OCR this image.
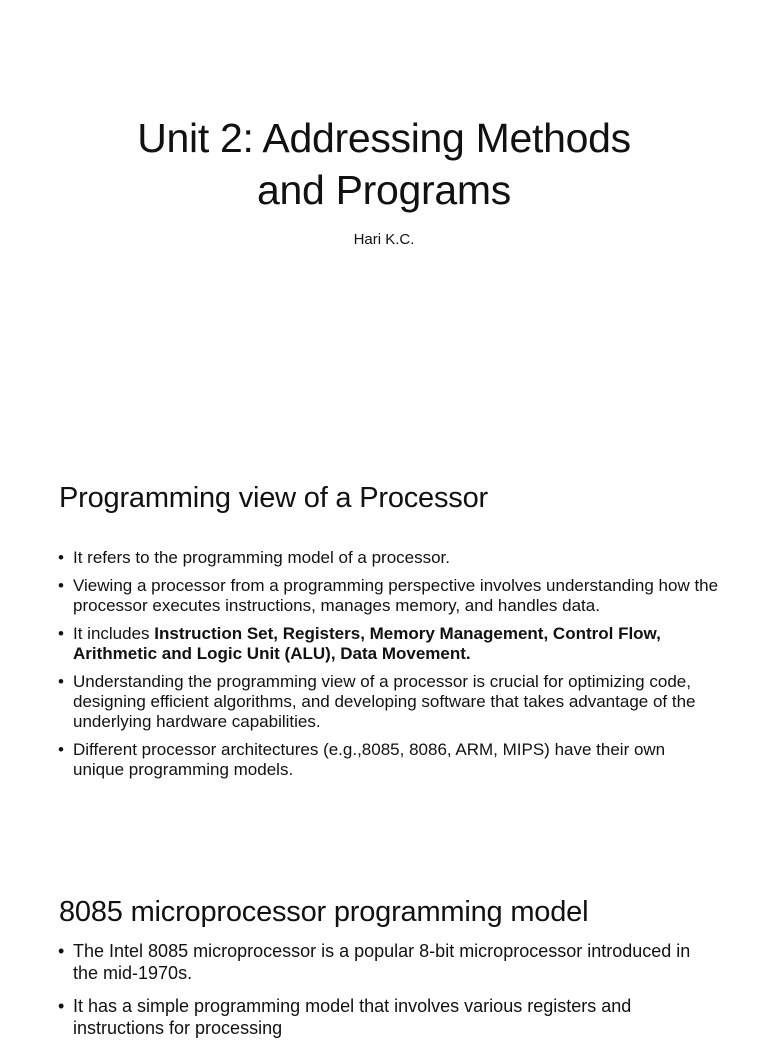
Unit 2: Addressing Methods
and Programs

Hari K.C.

Programming view of a Processor
• It refers to the programming model of a processor.
• Viewing a processor from a programming perspective involves understanding how the processor executes instructions, manages memory, and handles data.
• It includes Instruction Set, Registers, Memory Management, Control Flow, Arithmetic and Logic Unit (ALU), Data Movement.
• Understanding the programming view of a processor is crucial for optimizing code, designing efficient algorithms, and developing software that takes advantage of the underlying hardware capabilities.
• Different processor architectures (e.g.,8085, 8086, ARM, MIPS) have their own unique programming models.
8085 microprocessor programming model
• The Intel 8085 microprocessor is a popular 8-bit microprocessor introduced in the mid-1970s.
• It has a simple programming model that involves various registers and instructions for processing
